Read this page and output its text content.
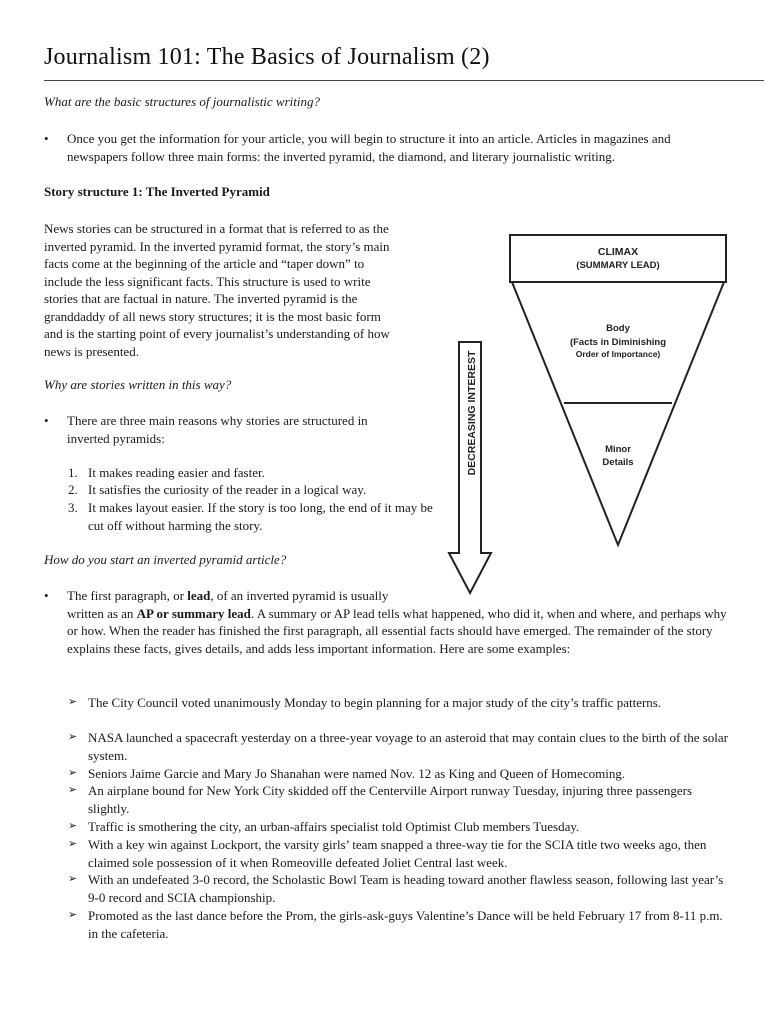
Journalism 101: The Basics of Journalism (2)

What are the basic structures of journalistic writing?

• Once you get the information for your article, you will begin to structure it into an article. Articles in magazines and newspapers follow three main forms: the inverted pyramid, the diamond, and literary journalistic writing.

Story structure 1: The Inverted Pyramid

News stories can be structured in a format that is referred to as the
inverted pyramid. In the inverted pyramid format, the story’s main
facts come at the beginning of the article and “taper down” to
include the less significant facts. This structure is used to write
stories that are factual in nature. The inverted pyramid is the
granddaddy of all news story structures; it is the most basic form
and is the starting point of every journalist’s understanding of how
news is presented.

Why are stories written in this way?

• There are three main reasons why stories are structured in
inverted pyramids:
1. It makes reading easier and faster.
2. It satisfies the curiosity of the reader in a logical way.
3. It makes layout easier. If the story is too long, the end of it may be cut off without harming the story.

How do you start an inverted pyramid article?

• The first paragraph, or lead, of an inverted pyramid is usually
written as an AP or summary lead. A summary or AP lead tells what happened, who did it, when and where, and perhaps why or how. When the reader has finished the first paragraph, all essential facts should have emerged. The remainder of the story explains these facts, gives details, and adds less important information. Here are some examples:
➢ The City Council voted unanimously Monday to begin planning for a major study of the city’s traffic patterns.
➢ NASA launched a spacecraft yesterday on a three-year voyage to an asteroid that may contain clues to the birth of the solar system.
➢ Seniors Jaime Garcie and Mary Jo Shanahan were named Nov. 12 as King and Queen of Homecoming.
➢ An airplane bound for New York City skidded off the Centerville Airport runway Tuesday, injuring three passengers slightly.
➢ Traffic is smothering the city, an urban-affairs specialist told Optimist Club members Tuesday.
➢ With a key win against Lockport, the varsity girls’ team snapped a three-way tie for the SCIA title two weeks ago, then claimed sole possession of it when Romeoville defeated Joliet Central last week.
➢ With an undefeated 3-0 record, the Scholastic Bowl Team is heading toward another flawless season, following last year’s 9-0 record and SCIA championship.
➢ Promoted as the last dance before the Prom, the girls-ask-guys Valentine’s Dance will be held February 17 from 8-11 p.m. in the cafeteria.
DECREASING INTEREST
CLIMAX
(SUMMARY LEAD)
Body
(Facts in Diminishing
Order of Importance)
Minor
Details
